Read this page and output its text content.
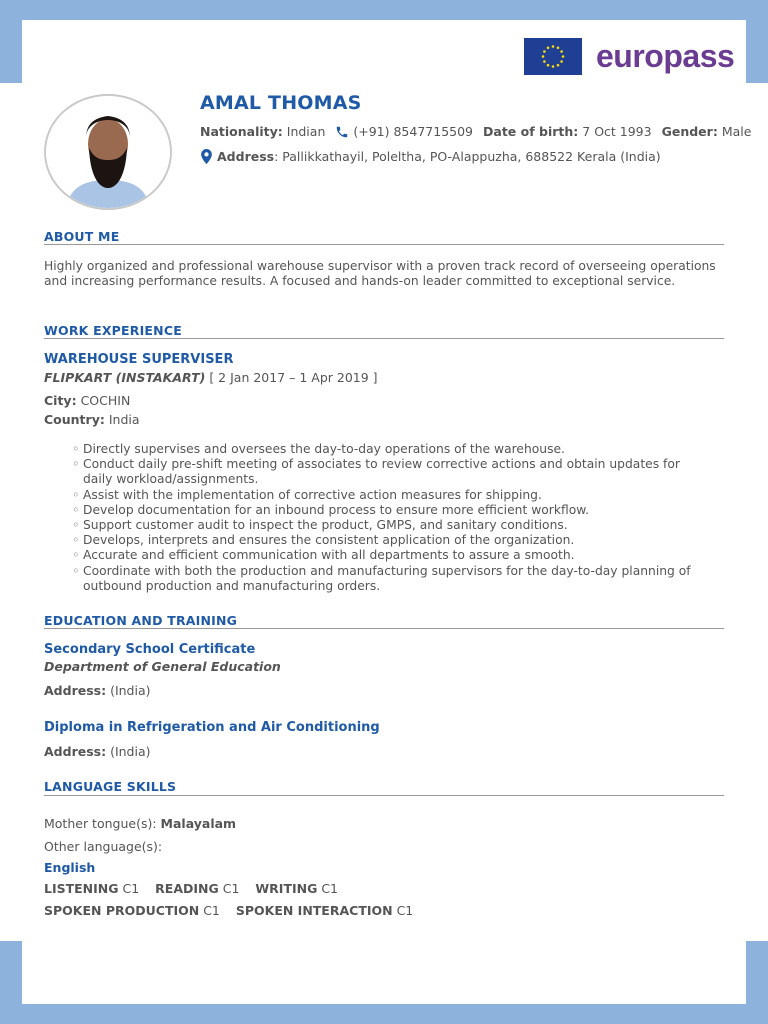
europass
AMAL THOMAS
Nationality:
Indian (+91) 8547715509 Date of birth:
7 Oct 1993 Gender:
Male
Address : Pallikkathayil, Poleltha, PO-Alappuzha, 688522 Kerala (India)
ABOUT ME
Highly organized and professional warehouse supervisor with a proven track record of overseeing operations and increasing performance results. A focused and hands-on leader committed to exceptional service.
WORK EXPERIENCE
WAREHOUSE SUPERVISER
FLIPKART (INSTAKART) [ 2 Jan 2017 – 1 Apr 2019 ]
City: COCHIN
Country: India
◦ Directly supervises and oversees the day-to-day operations of the warehouse.
◦ Conduct daily pre-shift meeting of associates to review corrective actions and obtain updates for daily workload/assignments.
◦ Assist with the implementation of corrective action measures for shipping.
◦ Develop documentation for an inbound process to ensure more efficient workflow.
◦ Support customer audit to inspect the product, GMPS, and sanitary conditions.
◦ Develops, interprets and ensures the consistent application of the organization.
◦ Accurate and efficient communication with all departments to assure a smooth.
◦ Coordinate with both the production and manufacturing supervisors for the day-to-day planning of outbound production and manufacturing orders.
EDUCATION AND TRAINING
Secondary School Certificate
Department of General Education
Address: (India)
Diploma in Refrigeration and Air Conditioning
Address: (India)
LANGUAGE SKILLS
Mother tongue(s): Malayalam
Other language(s):
English
LISTENING C1 READING C1 WRITING C1
SPOKEN PRODUCTION C1 SPOKEN INTERACTION C1
